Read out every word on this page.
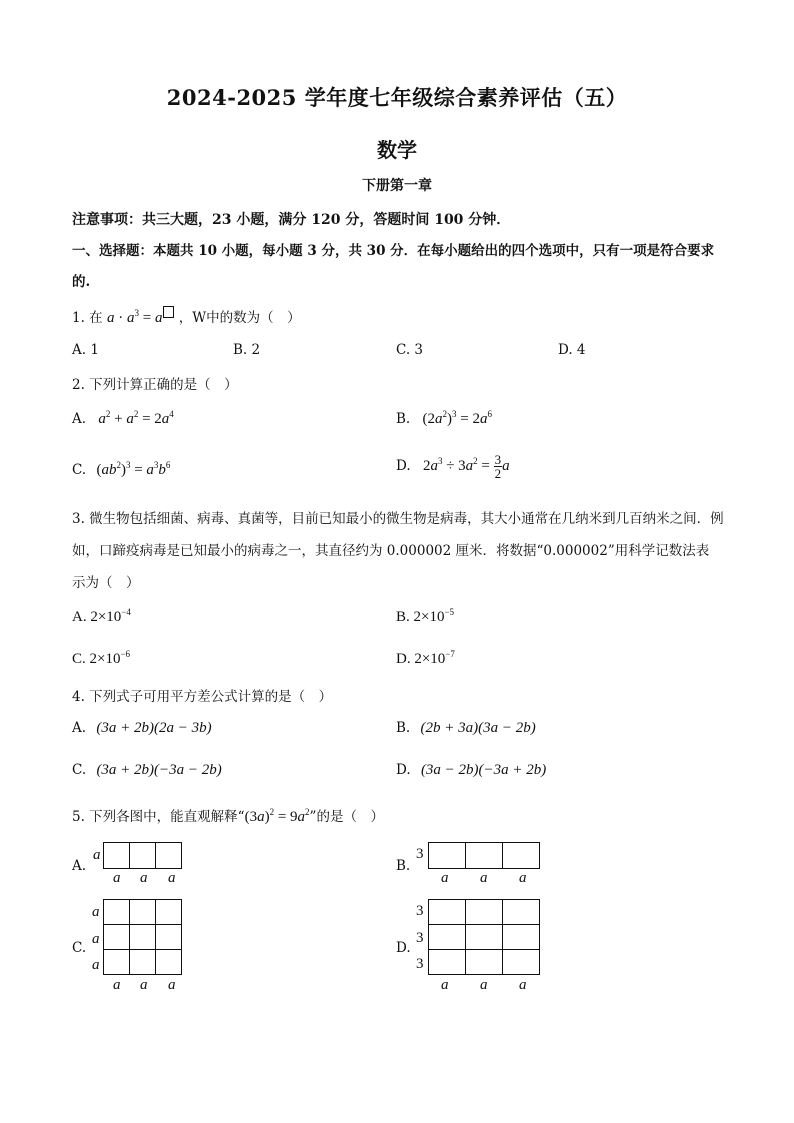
2024-2025 学年度七年级综合素养评估（五）
数学
下册第一章
注意事项：共三大题，23 小题，满分 120 分，答题时间 100 分钟．
一、选择题：本题共 10 小题，每小题 3 分，共 30 分．在每小题给出的四个选项中，只有一项是符合要求
的.
1. 在 $a \cdot a^3 = a$ ，W中的数为（　）
A. 1	B. 2	C. 3	D. 4
2. 下列计算正确的是（　）
A. $a^2 + a^2 = 2a^4$	B. $(2a^2)^3 = 2a^6$
C. $(ab^2)^3 = a^3b^6$	D. $2a^3 \div 3a^2 = \frac{3}{2}$ a
3. 微生物包括细菌、病毒、真菌等，目前已知最小的微生物是病毒，其大小通常在几纳米到几百纳米之间．例
如，口蹄疫病毒是已知最小的病毒之一，其直径约为 0.000002 厘米．将数据“0.000002”用科学记数法表
示为（　）
A. $2\times 10^{-4}$	B. $2\times 10^{-5}$
C. $2\times 10^{-6}$	D. $2\times 10^{-7}$
4. 下列式子可用平方差公式计算的是（　）
A. (3a + 2b)(2a − 3b)	B. (2b + 3a)(3a − 2b)
C. (3a + 2b)(−3a − 2b)	D. (3a − 2b)(−3a + 2b)
5. 下列各图中，能直观解释“$(3a)^2 = 9a^2$”的是（　）
A.
a

a a a
B.
3

a a a
C.
a
a
a

a a a
D.
3
3
3

a a a
